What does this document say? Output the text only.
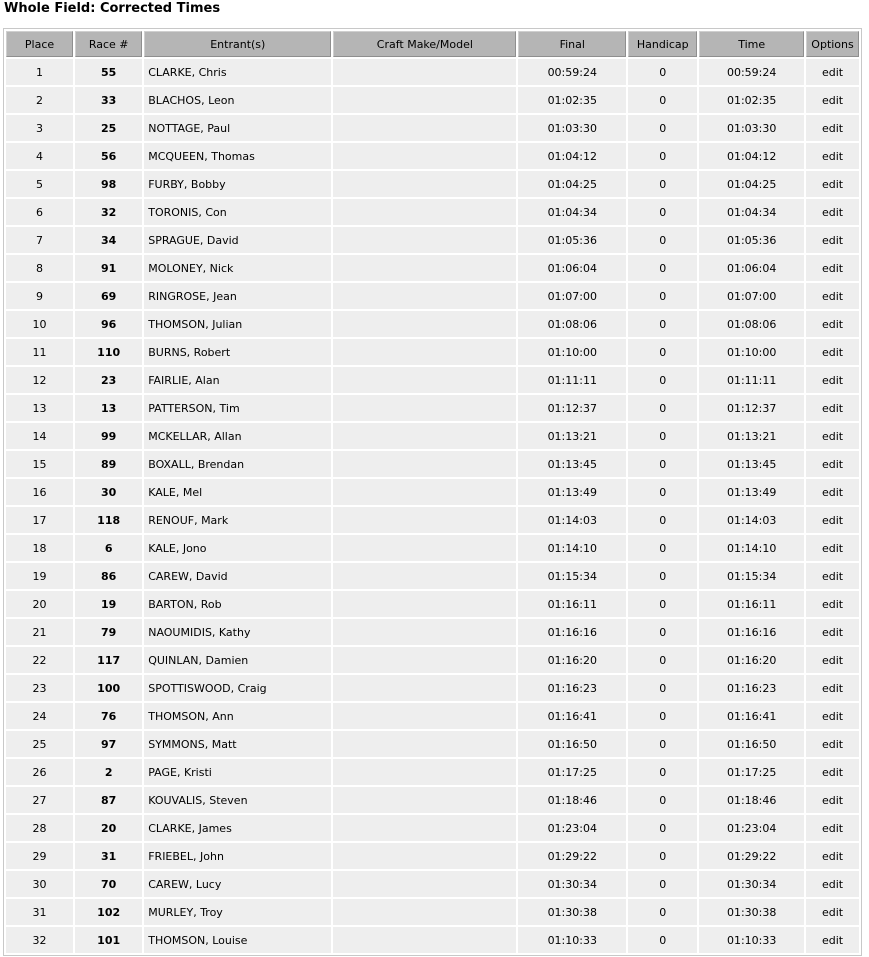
Whole Field: Corrected Times
Place	Race #	Entrant(s)	Craft Make/Model	Final	Handicap	Time	Options
1	55	CLARKE, Chris		00:59:24	0	00:59:24	edit
2	33	BLACHOS, Leon		01:02:35	0	01:02:35	edit
3	25	NOTTAGE, Paul		01:03:30	0	01:03:30	edit
4	56	MCQUEEN, Thomas		01:04:12	0	01:04:12	edit
5	98	FURBY, Bobby		01:04:25	0	01:04:25	edit
6	32	TORONIS, Con		01:04:34	0	01:04:34	edit
7	34	SPRAGUE, David		01:05:36	0	01:05:36	edit
8	91	MOLONEY, Nick		01:06:04	0	01:06:04	edit
9	69	RINGROSE, Jean		01:07:00	0	01:07:00	edit
10	96	THOMSON, Julian		01:08:06	0	01:08:06	edit
11	110	BURNS, Robert		01:10:00	0	01:10:00	edit
12	23	FAIRLIE, Alan		01:11:11	0	01:11:11	edit
13	13	PATTERSON, Tim		01:12:37	0	01:12:37	edit
14	99	MCKELLAR, Allan		01:13:21	0	01:13:21	edit
15	89	BOXALL, Brendan		01:13:45	0	01:13:45	edit
16	30	KALE, Mel		01:13:49	0	01:13:49	edit
17	118	RENOUF, Mark		01:14:03	0	01:14:03	edit
18	6	KALE, Jono		01:14:10	0	01:14:10	edit
19	86	CAREW, David		01:15:34	0	01:15:34	edit
20	19	BARTON, Rob		01:16:11	0	01:16:11	edit
21	79	NAOUMIDIS, Kathy		01:16:16	0	01:16:16	edit
22	117	QUINLAN, Damien		01:16:20	0	01:16:20	edit
23	100	SPOTTISWOOD, Craig		01:16:23	0	01:16:23	edit
24	76	THOMSON, Ann		01:16:41	0	01:16:41	edit
25	97	SYMMONS, Matt		01:16:50	0	01:16:50	edit
26	2	PAGE, Kristi		01:17:25	0	01:17:25	edit
27	87	KOUVALIS, Steven		01:18:46	0	01:18:46	edit
28	20	CLARKE, James		01:23:04	0	01:23:04	edit
29	31	FRIEBEL, John		01:29:22	0	01:29:22	edit
30	70	CAREW, Lucy		01:30:34	0	01:30:34	edit
31	102	MURLEY, Troy		01:30:38	0	01:30:38	edit
32	101	THOMSON, Louise		01:10:33	0	01:10:33	edit
